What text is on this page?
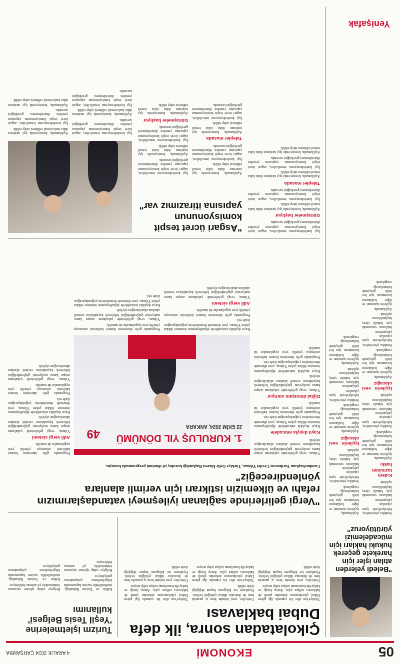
05
EKONOMİ
4 ARALIK 2024 ÇARŞAMBA
Çıkolatadan sonra, ilk defa Dubai baklavası

Türkiye'nin dört bir yanında ilgi gören Dubai çikolatasının ardından şimdi de baklavası raflara çıktı. Antep fıstığı ve kadayıfla hazırlanan tatlıya talep artıyor.

Üreticiler, yeni ürünün hem iç pazarda hem de ihracatta dikkat çektiğini belirtti. Fiyatların ise kilogram başına değiştiği ifade edildi.

Üreticiler, yeni ürünün hem iç pazarda hem de ihracatta dikkat çektiğini belirtti. Fiyatların ise kilogram başına değiştiği ifade edildi.

Türkiye'nin dört bir yanında ilgi gören Dubai çikolatasının ardından şimdi de baklavası raflara çıktı. Antep fıstığı ve kadayıfla hazırlanan tatlıya talep artıyor.

Türkiye'nin dört bir yanında ilgi gören Dubai çikolatasının ardından şimdi de baklavası raflara çıktı. Antep fıstığı ve kadayıfla hazırlanan tatlıya talep artıyor.

Üreticiler, yeni ürünün hem iç pazarda hem de ihracatta dikkat çektiğini belirtti. Fiyatların ise kilogram başına değiştiği ifade edildi.

Turizm işletmelerine 'Yeşil Tesis Belgesi' kullanımı

Kültür ve Turizm Bakanlığı, sürdürülebilir turizm kapsamında belgelendirme çalışmalarını genişletiyor.

Belgeye sahip işletme sayısının önümüzdeki yıl artması bekleniyor.

Belgeye sahip işletme sayısının önümüzdeki yıl artması bekleniyor.

Kültür ve Turizm Bakanlığı, sürdürülebilir turizm kapsamında belgelendirme çalışmalarını genişletiyor.	"Beledi yelerden atılan işler için harekete geçerek hukuki hakları için mücadelemizi yürütüyoruz"

Sendika yöneticileri, belediyelerde işten çıkarılan çalışanların haklarını savunmak için hukuki süreç başlattıklarını açıkladı.

Kıdem tazminatı hakkı

Açıklamada, işçilerin tazminat ve diğer haklarının korunması için her türlü girişimde bulunulacağı vurgulandı.

Sendika yöneticileri, belediyelerde işten çıkarılan çalışanların haklarını savunmak için hukuki süreç başlattıklarını açıkladı.

İşçilerin sesi olacağız

Açıklamada, işçilerin tazminat ve diğer haklarının korunması için her türlü girişimde bulunulacağı vurgulandı.

Sendika yöneticileri, belediyelerde işten çıkarılan çalışanların haklarını savunmak için hukuki süreç başlattıklarını açıkladı.

Açıklamada, işçilerin tazminat ve diğer haklarının korunması için her türlü girişimde bulunulacağı vurgulandı.

Açıklamada, işçilerin tazminat ve diğer haklarının korunması için her türlü girişimde bulunulacağı vurgulandı.

Sendika yöneticileri, belediyelerde işten çıkarılan çalışanların haklarını savunmak için hukuki süreç başlattıklarını açıkladı.

İşçilerin sesi olacağız

Açıklamada, işçilerin tazminat ve diğer haklarının korunması için her türlü girişimde bulunulacağı vurgulandı.

Sendika yöneticileri, belediyelerde işten çıkarılan çalışanların haklarını savunmak için hukuki süreç başlattıklarını açıkladı.

Açıklamada, işçilerin tazminat ve diğer haklarının korunması için her türlü girişimde bulunulacağı vurgulandı.

Yenişafak
"Vergi gelirlerinde sağlanan iyileşmeyi vatandaşlarımızın refahı ve ülkemizin istikrarı için verimli alanlara yönlendireceğiz"
Cumhurbaşkanı Yardımcısı Cevdet Yılmaz, Türkiye Gelir İdaresi Başkanlığı kuruluş yıl dönümü programında konuştu.
1. KURULUŞ YIL DÖNÜMÜ
22 EKİM 2024, ANKARA
49

Yılmaz, vergi gelirlerinde yakalanan artışın kamu maliyesini güçlendirdiğini belirterek kaynakların verimli alanlara aktarılacağını söyledi.

Kayıt dışıyla mücadele

Kayıt dışılıkla mücadelede dijitalleşmenin önemine dikkat çeken Yılmaz, yeni dönemde denetimlerin yoğunlaşacağını ifade etti.

Programda gelir idaresinin hizmet kalitesini artırmaya yönelik yeni uygulamalar da tanıtıldı.

Dijital dönüşüm sürüyor

Yılmaz, vergi gelirlerinde yakalanan artışın kamu maliyesini güçlendirdiğini belirterek kaynakların verimli alanlara aktarılacağını söyledi.

Kayıt dışılıkla mücadelede dijitalleşmenin önemine dikkat çeken Yılmaz, yeni dönemde denetimlerin yoğunlaşacağını ifade etti.

Programda gelir idaresinin hizmet kalitesini artırmaya yönelik yeni uygulamalar da tanıtıldı.

Programda gelir idaresinin hizmet kalitesini artırmaya yönelik yeni uygulamalar da tanıtıldı.

Adil vergi sistemi

Yılmaz, vergi gelirlerinde yakalanan artışın kamu maliyesini güçlendirdiğini belirterek kaynakların verimli alanlara aktarılacağını söyledi.

Kayıt dışılıkla mücadelede dijitalleşmenin önemine dikkat çeken Yılmaz, yeni dönemde denetimlerin yoğunlaşacağını ifade etti.

Programda gelir idaresinin hizmet kalitesini artırmaya yönelik yeni uygulamalar da tanıtıldı.

Yılmaz, vergi gelirlerinde yakalanan artışın kamu maliyesini güçlendirdiğini belirterek kaynakların verimli alanlara aktarılacağını söyledi.

Kayıt dışılıkla mücadelede dijitalleşmenin önemine dikkat çeken Yılmaz, yeni dönemde denetimlerin yoğunlaşacağını ifade etti.

Programda gelir idaresinin hizmet kalitesini artırmaya yönelik yeni uygulamalar da tanıtıldı.

Adil vergi sistemi

Yılmaz, vergi gelirlerinde yakalanan artışın kamu maliyesini güçlendirdiğini belirterek kaynakların verimli alanlara aktarılacağını söyledi.

Programda gelir idaresinin hizmet kalitesini artırmaya yönelik yeni uygulamalar da tanıtıldı.

Yılmaz, vergi gelirlerinde yakalanan artışın kamu maliyesini güçlendirdiğini belirterek kaynakların verimli alanlara aktarılacağını söyledi.

Kayıt dışılıkla mücadelede dijitalleşmenin önemine dikkat çeken Yılmaz, yeni dönemde denetimlerin yoğunlaşacağını ifade etti.

İşçi konfederasyonu temsilcileri, asgari ücret tespit komisyonunun yapısının yeniden düzenlenmesi gerektiğini savundu.

Görüşmeler başlıyor

Açıklamada, komisyonda işçi tarafının daha fazla temsil edilmesi talep edildi.

İşçi konfederasyonu temsilcileri, asgari ücret tespit komisyonunun yapısının yeniden düzenlenmesi gerektiğini savundu.

Talepler masada

Açıklamada, komisyonda işçi tarafının daha fazla temsil edilmesi talep edildi.

İşçi konfederasyonu temsilcileri, asgari ücret tespit komisyonunun yapısının yeniden düzenlenmesi gerektiğini savundu.

Açıklamada, komisyonda işçi tarafının daha fazla temsil edilmesi talep edildi.

"Asgari ücret tespit komisyonunun yapısına itirazımız var"

Açıklamada, komisyonda işçi tarafının daha fazla temsil edilmesi talep edildi.

İşçi konfederasyonu temsilcileri, asgari ücret tespit komisyonunun yapısının yeniden düzenlenmesi gerektiğini savundu.

Talepler masada

Açıklamada, komisyonda işçi tarafının daha fazla temsil edilmesi talep edildi.

İşçi konfederasyonu temsilcileri, asgari ücret tespit komisyonunun yapısının yeniden düzenlenmesi gerektiğini savundu.

İşçi konfederasyonu temsilcileri, asgari ücret tespit komisyonunun yapısının yeniden düzenlenmesi gerektiğini savundu.

Açıklamada, komisyonda işçi tarafının daha fazla temsil edilmesi talep edildi.

İşçi konfederasyonu temsilcileri, asgari ücret tespit komisyonunun yapısının yeniden düzenlenmesi gerektiğini savundu.

Görüşmeler başlıyor

Açıklamada, komisyonda işçi tarafının daha fazla temsil edilmesi talep edildi.

İşçi konfederasyonu temsilcileri, asgari ücret tespit komisyonunun yapısının yeniden düzenlenmesi gerektiğini savundu.

Açıklamada, komisyonda işçi tarafının daha fazla temsil edilmesi talep edildi.

İşçi konfederasyonu temsilcileri, asgari ücret tespit komisyonunun yapısının yeniden düzenlenmesi gerektiğini savundu.

Açıklamada, komisyonda işçi tarafının daha fazla temsil edilmesi talep edildi.

İşçi konfederasyonu temsilcileri, asgari ücret tespit komisyonunun yapısının yeniden düzenlenmesi gerektiğini savundu.

Açıklamada, komisyonda işçi tarafının daha fazla temsil edilmesi talep edildi.
